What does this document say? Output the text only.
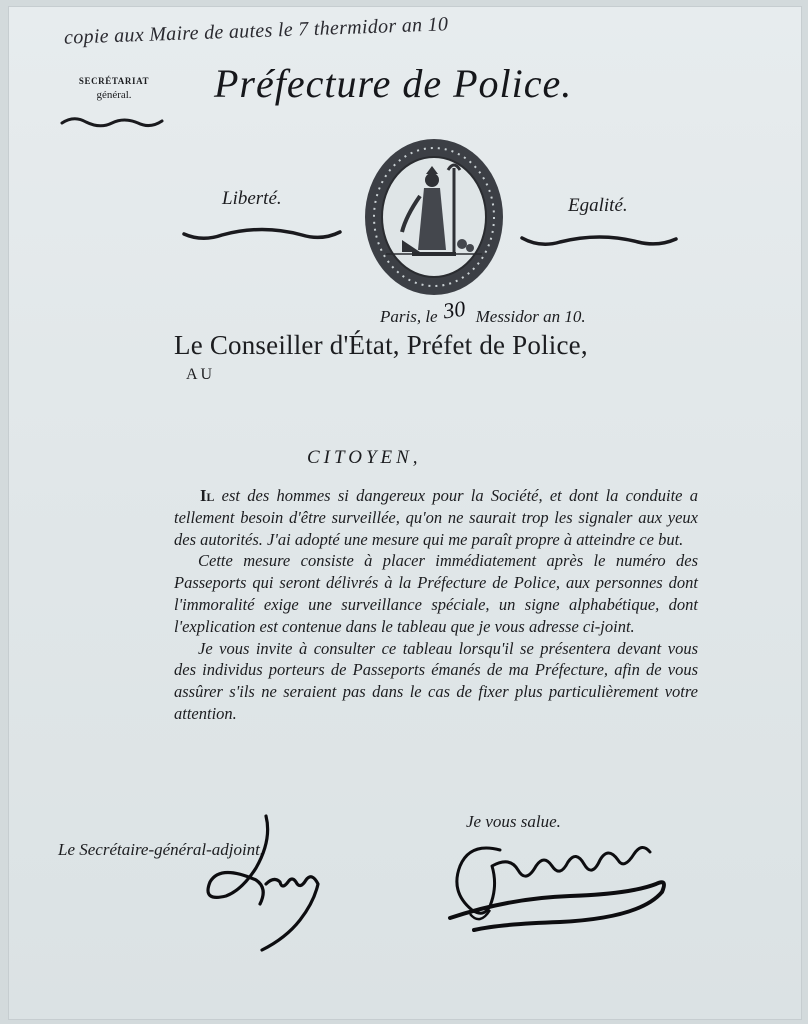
copie aux Maire de autes le 7 thermidor an 10
SECRÉTARIAT
général.	Préfecture de Police.
Liberté.	Egalité.
Paris, le 30 Messidor an 10.
Le Conseiller d'État, Préfet de Police,
AU
CITOYEN,

Il est des hommes si dangereux pour la Société, et dont la conduite a tellement besoin d'être surveillée, qu'on ne saurait trop les signaler aux yeux des autorités. J'ai adopté une mesure qui me paraît propre à atteindre ce but.

Cette mesure consiste à placer immédiatement après le numéro des Passeports qui seront délivrés à la Préfecture de Police, aux personnes dont l'immoralité exige une surveillance spéciale, un signe alphabétique, dont l'explication est contenue dans le tableau que je vous adresse ci-joint.

Je vous invite à consulter ce tableau lorsqu'il se présentera devant vous des individus porteurs de Passeports émanés de ma Préfecture, afin de vous assûrer s'ils ne seraient pas dans le cas de fixer plus particulièrement votre attention.

Je vous salue.
Le Secrétaire-général-adjoint.
